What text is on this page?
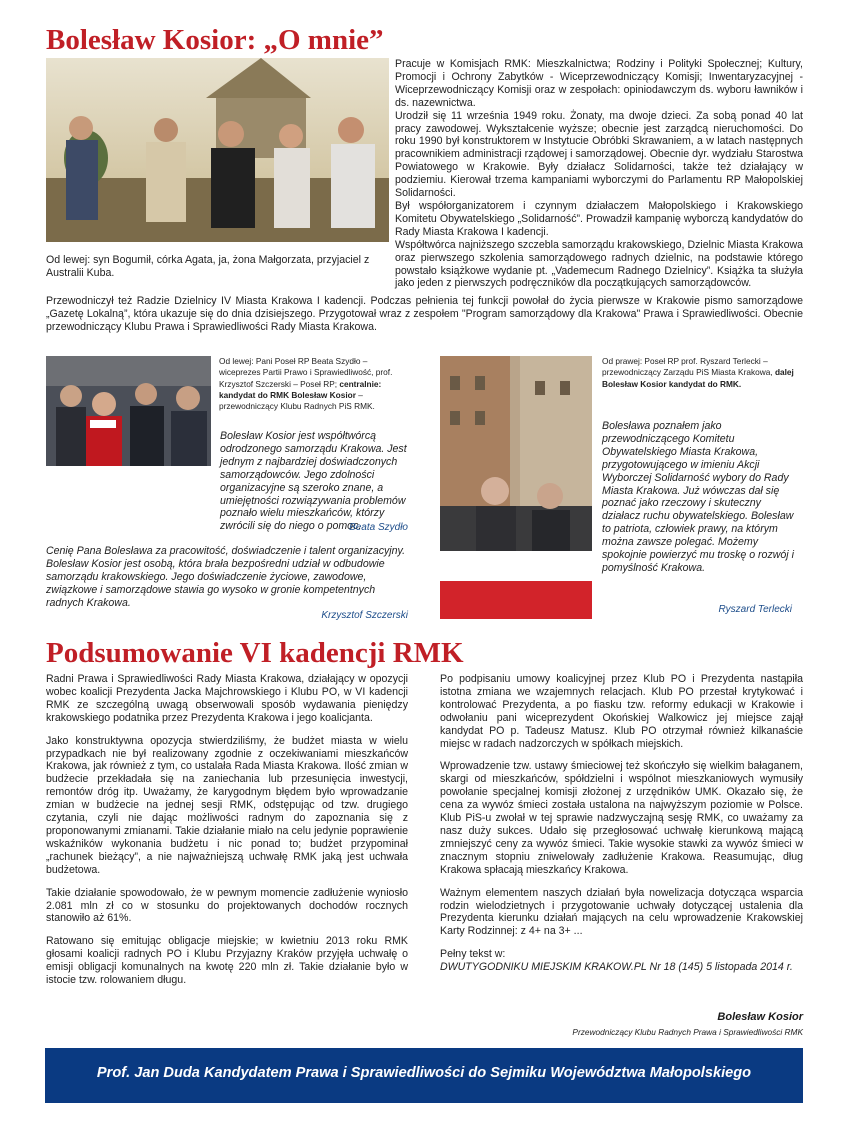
Bolesław Kosior: „O mnie”
Od lewej: syn Bogumił, córka Agata, ja, żona Małgorzata, przyjaciel z Australii Kuba.

Pracuje w Komisjach RMK: Mieszkalnictwa; Rodziny i Polityki Społecznej; Kultury, Promocji i Ochrony Zabytków - Wiceprzewodniczący Komisji; Inwentaryzacyjnej - Wiceprzewodniczący Komisji oraz w zespołach: opiniodawczym ds. wyboru ławników i ds. nazewnictwa.

Urodził się 11 września 1949 roku. Żonaty, ma dwoje dzieci. Za sobą ponad 40 lat pracy zawodowej. Wykształcenie wyższe; obecnie jest zarządcą nieruchomości. Do roku 1990 był konstruktorem w Instytucie Obróbki Skrawaniem, a w latach następnych pracownikiem administracji rządowej i samorządowej. Obecnie dyr. wydziału Starostwa Powiatowego w Krakowie. Były działacz Solidarności, także też działający w podziemiu. Kierował trzema kampaniami wyborczymi do Parlamentu RP Małopolskiej Solidarności.

Był współorganizatorem i czynnym działaczem Małopolskiego i Krakowskiego Komitetu Obywatelskiego „Solidarność”. Prowadził kampanię wyborczą kandydatów do Rady Miasta Krakowa I kadencji.

Współtwórca najniższego szczebla samorządu krakowskiego, Dzielnic Miasta Krakowa oraz pierwszego szkolenia samorządowego radnych dzielnic, na podstawie którego powstało książkowe wydanie pt. „Vademecum Radnego Dzielnicy”. Książka ta służyła jako jeden z pierwszych podręczników dla początkujących samorządowców.

Przewodniczył też Radzie Dzielnicy IV Miasta Krakowa I kadencji. Podczas pełnienia tej funkcji powołał do życia pierwsze w Krakowie pismo samorządowe „Gazetę Lokalną”, która ukazuje się do dnia dzisiejszego. Przygotował wraz z zespołem "Program samorządowy dla Krakowa" Prawa i Sprawiedliwości. Obecnie przewodniczący Klubu Prawa i Sprawiedliwości Rady Miasta Krakowa.
Od lewej: Pani Poseł RP Beata Szydło – wiceprezes Partii Prawo i Sprawiedliwość, prof. Krzysztof Szczerski – Poseł RP; centralnie: kandydat do RMK Bolesław Kosior – przewodniczący Klubu Radnych PiS RMK.
Bolesław Kosior jest współtwórcą odrodzonego samorządu Krakowa. Jest jednym z najbardziej doświadczonych samorządowców. Jego zdolności organizacyjne są szeroko znane, a umiejętności rozwiązywania problemów poznało wielu mieszkańców, którzy zwrócili się do niego o pomoc.
Beata Szydło
Cenię Pana Bolesława za pracowitość, doświadczenie i talent organizacyjny. Bolesław Kosior jest osobą, która brała bezpośredni udział w odbudowie samorządu krakowskiego. Jego doświadczenie życiowe, zawodowe, związkowe i samorządowe stawia go wysoko w gronie kompetentnych radnych Krakowa.
Krzysztof Szczerski
Od prawej: Poseł RP prof. Ryszard Terlecki – przewodniczący Zarządu PiS Miasta Krakowa, dalej Bolesław Kosior kandydat do RMK.
Bolesława poznałem jako przewodniczącego Komitetu Obywatelskiego Miasta Krakowa, przygotowującego w imieniu Akcji Wyborczej Solidarność wybory do Rady Miasta Krakowa. Już wówczas dał się poznać jako rzeczowy i skuteczny działacz ruchu obywatelskiego. Bolesław to patriota, człowiek prawy, na którym można zawsze polegać. Możemy spokojnie powierzyć mu troskę o rozwój i pomyślność Krakowa.
Ryszard Terlecki
Podsumowanie VI kadencji RMK

Radni Prawa i Sprawiedliwości Rady Miasta Krakowa, działający w opozycji wobec koalicji Prezydenta Jacka Majchrowskiego i Klubu PO, w VI kadencji RMK ze szczególną uwagą obserwowali sposób wydawania pieniędzy krakowskiego podatnika przez Prezydenta Krakowa i jego koalicjanta.

Jako konstruktywna opozycja stwierdziliśmy, że budżet miasta w wielu przypadkach nie był realizowany zgodnie z oczekiwaniami mieszkańców Krakowa, jak również z tym, co ustalała Rada Miasta Krakowa. Ilość zmian w budżecie przekładała się na zaniechania lub przesunięcia inwestycji, remontów dróg itp. Uważamy, że karygodnym błędem było wprowadzanie zmian w budżecie na jednej sesji RMK, odstępując od tzw. drugiego czytania, czyli nie dając możliwości radnym do zapoznania się z proponowanymi zmianami. Takie działanie miało na celu jedynie poprawienie wskaźników wykonania budżetu i nic ponad to; budżet przypominał „rachunek bieżący”, a nie najważniejszą uchwałę RMK jaką jest uchwała budżetowa.

Takie działanie spowodowało, że w pewnym momencie zadłużenie wyniosło 2.081 mln zł co w stosunku do projektowanych dochodów rocznych stanowiło aż 61%.

Ratowano się emitując obligacje miejskie; w kwietniu 2013 roku RMK głosami koalicji radnych PO i Klubu Przyjazny Kraków przyjęła uchwałę o emisji obligacji komunalnych na kwotę 220 mln zł. Takie działanie było w istocie tzw. rolowaniem długu.

Po podpisaniu umowy koalicyjnej przez Klub PO i Prezydenta nastąpiła istotna zmiana we wzajemnych relacjach. Klub PO przestał krytykować i kontrolować Prezydenta, a po fiasku tzw. reformy edukacji w Krakowie i odwołaniu pani wiceprezydent Okońskiej Walkowicz jej miejsce zajął kandydat PO p. Tadeusz Matusz. Klub PO otrzymał również kilkanaście miejsc w radach nadzorczych w spółkach miejskich.

Wprowadzenie tzw. ustawy śmieciowej też skończyło się wielkim bałaganem, skargi od mieszkańców, spółdzielni i wspólnot mieszkaniowych wymusiły powołanie specjalnej komisji złożonej z urzędników UMK. Okazało się, że cena za wywóz śmieci została ustalona na najwyższym poziomie w Polsce. Klub PiS-u zwołał w tej sprawie nadzwyczajną sesję RMK, co uważamy za nasz duży sukces. Udało się przegłosować uchwałę kierunkową mającą zmniejszyć ceny za wywóz śmieci. Takie wysokie stawki za wywóz śmieci w znacznym stopniu zniwelowały zadłużenie Krakowa. Reasumując, dług Krakowa spłacają mieszkańcy Krakowa.

Ważnym elementem naszych działań była nowelizacja dotycząca wsparcia rodzin wielodzietnych i przygotowanie uchwały dotyczącej ustalenia dla Prezydenta kierunku działań mających na celu wprowadzenie Krakowskiej Karty Rodzinnej: z 4+ na 3+ ...

Pełny tekst w:

DWUTYGODNIKU MIEJSKIM KRAKOW.PL Nr 18 (145) 5 listopada 2014 r.

Bolesław Kosior
Przewodniczący Klubu Radnych Prawa i Sprawiedliwości RMK
Prof. Jan Duda Kandydatem Prawa i Sprawiedliwości do Sejmiku Województwa Małopolskiego
